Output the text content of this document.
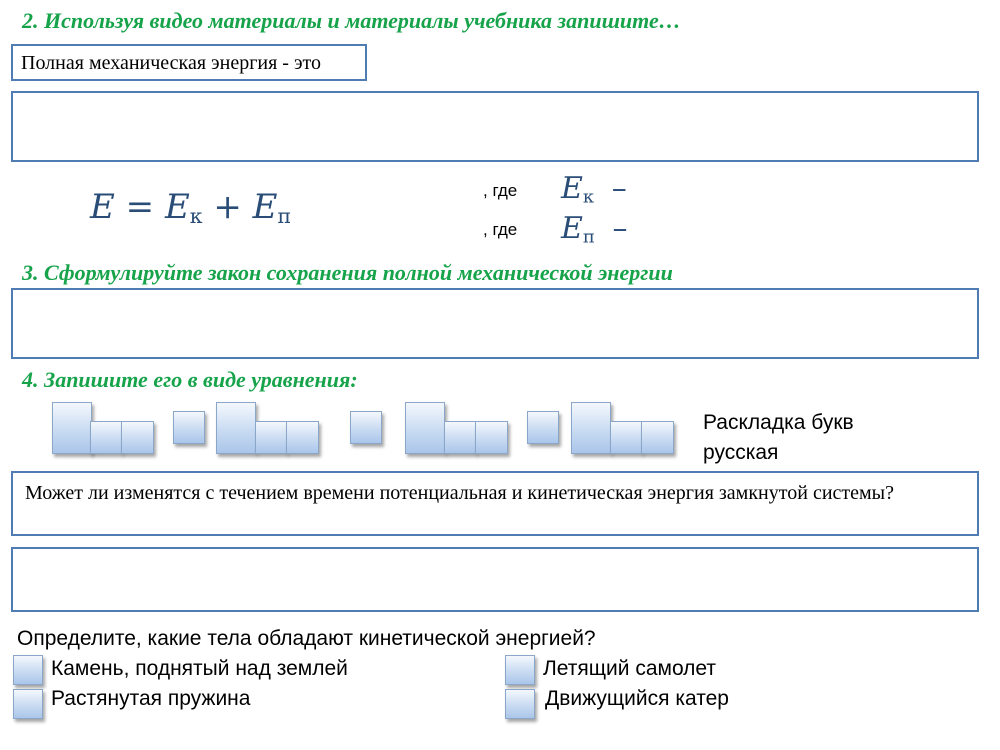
2. Используя видео материалы и материалы учебника запишите…
Полная механическая энергия - это
$E = E_к + E_п$
, где $E_к$ –
, где $E_п$ –
3. Сформулируйте закон сохранения полной механической энергии
4. Запишите его в виде уравнения:
Раскладка букв
русская
Может ли изменятся с течением времени потенциальная и кинетическая энергия замкнутой системы?
Определите, какие тела обладают кинетической энергией?
Камень, поднятый над землей
Растянутая пружина
Летящий самолет
Движущийся катер
